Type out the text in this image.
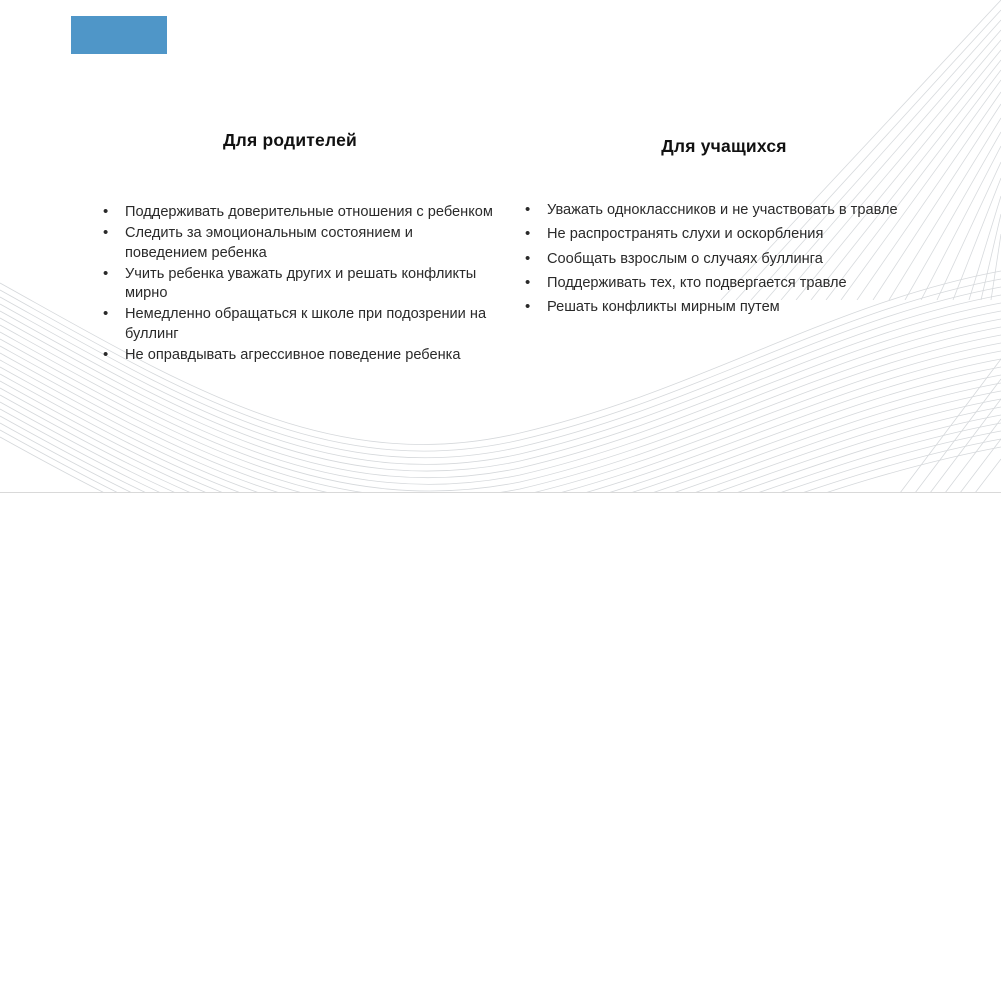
Для родителей
• Поддерживать доверительные отношения с ребенком
• Следить за эмоциональным состоянием и поведением ребенка
• Учить ребенка уважать других и решать конфликты мирно
• Немедленно обращаться к школе при подозрении на буллинг
• Не оправдывать агрессивное поведение ребенка
Для учащихся
• Уважать одноклассников и не участвовать в травле
• Не распространять слухи и оскорбления
• Сообщать взрослым о случаях буллинга
• Поддерживать тех, кто подвергается травле
• Решать конфликты мирным путем
